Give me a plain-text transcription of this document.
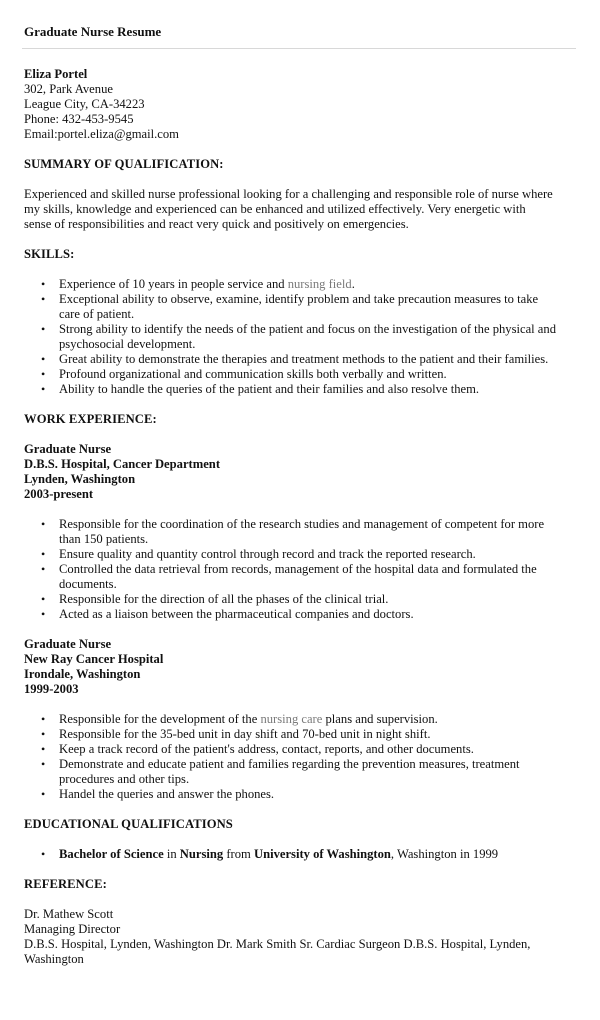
Graduate Nurse Resume
Eliza Portel
302, Park Avenue
League City, CA-34223
Phone: 432-453-9545
Email:portel.eliza@gmail.com
SUMMARY OF QUALIFICATION:
Experienced and skilled nurse professional looking for a challenging and responsible role of nurse where
my skills, knowledge and experienced can be enhanced and utilized effectively. Very energetic with
sense of responsibilities and react very quick and positively on emergencies.
SKILLS:
• Experience of 10 years in people service and nursing field.
• Exceptional ability to observe, examine, identify problem and take precaution measures to take
care of patient.
• Strong ability to identify the needs of the patient and focus on the investigation of the physical and
psychosocial development.
• Great ability to demonstrate the therapies and treatment methods to the patient and their families.
• Profound organizational and communication skills both verbally and written.
• Ability to handle the queries of the patient and their families and also resolve them.
WORK EXPERIENCE:
Graduate Nurse
D.B.S. Hospital, Cancer Department
Lynden, Washington
2003-present
• Responsible for the coordination of the research studies and management of competent for more
than 150 patients.
• Ensure quality and quantity control through record and track the reported research.
• Controlled the data retrieval from records, management of the hospital data and formulated the
documents.
• Responsible for the direction of all the phases of the clinical trial.
• Acted as a liaison between the pharmaceutical companies and doctors.
Graduate Nurse
New Ray Cancer Hospital
Irondale, Washington
1999-2003
• Responsible for the development of the nursing care plans and supervision.
• Responsible for the 35-bed unit in day shift and 70-bed unit in night shift.
• Keep a track record of the patient's address, contact, reports, and other documents.
• Demonstrate and educate patient and families regarding the prevention measures, treatment
procedures and other tips.
• Handel the queries and answer the phones.
EDUCATIONAL QUALIFICATIONS
• Bachelor of Science in Nursing from University of Washington, Washington in 1999
REFERENCE:
Dr. Mathew Scott
Managing Director
D.B.S. Hospital, Lynden, Washington Dr. Mark Smith Sr. Cardiac Surgeon D.B.S. Hospital, Lynden,
Washington
